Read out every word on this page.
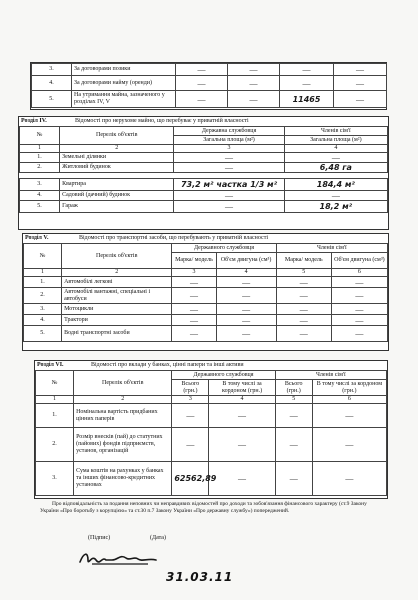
3.	За договорами позики	—	—	—	—
4.	За договорами найму (оренди)	—	—	—	—
5.	На утримання майна, зазначеного у розділах IV, V	—	—	11465	—
Розділ IV.	Відомості про нерухоме майно, що перебуває у приватній власності
№	Перелік об'єктів	Державна службовця	Членів сім'ї
		Загальна площа (м²)	Загальна площа (м²)
1	2	3	4
1.	Земельні ділянки	—	—
2.	Житловий будинок	—	6,48 га

3.	Квартира	73,2 м² частка 1/3 м²	184,4 м²
4.	Садовий (дачний) будинок	—	—
5.	Гараж	—	18,2 м²
Розділ V.	Відомості про транспортні засоби, що перебувають у приватній власності
№	Перелік об'єктів	Державного службовця		Членів сім'ї	
		Марка/ модель	Об'єм двигуна (см³)	Марка/ модель	Об'єм двигуна (см³)
1	2	3	4	5	6
1.	Автомобілі легкові	—	—	—	—
2.	Автомобілі вантажні, спеціальні і автобуси	—	—	—	—
3.	Мотоцикли	—	—	—	—
4.	Трактори	—	—	—	—
5.	Водні транспортні засоби	—	—	—	—
Розділ VI.	Відомості про вклади у банках, цінні папери та інші активи
№	Перелік об'єктів	Державного службовця		Членів сім'ї	
		Всього (грн.)	В тому числі за кордоном (грн.)	Всього (грн.)	В тому числі за кордоном (грн.)
1	2	3	4	5	6
1.	Номінальна вартість придбаних цінних паперів	—	—	—	—
2.	Розмір внесків (пай) до статутних (пайових) фондів підприємств, установ, організацій	—	—	—	—
3.	Сума коштів на рахунках у банках та інших фінансово-кредитних установах	62562,89	—	—	—
Про відповідальність за подання неповних чи неправдивих відомостей про доходи та зобов'язання фінансового характеру (ст.9 Закону України «Про боротьбу з корупцією» та ст.30 п.7 Закону України «Про державну службу») попереджений.
(Підпис)	(Дата)
31.03.11
